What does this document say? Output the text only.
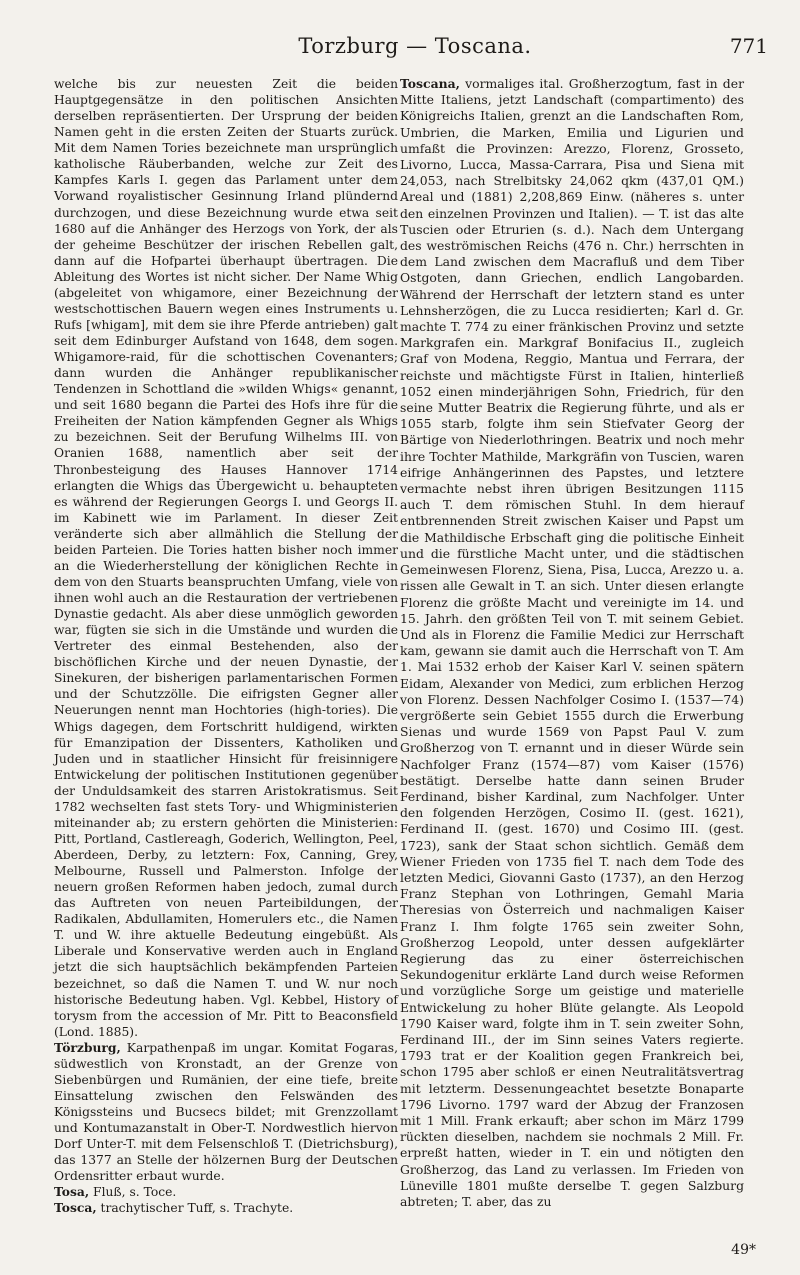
Torzburg — Toscana.	771

welche bis zur neuesten Zeit die beiden Hauptgegensätze in den politischen Ansichten derselben repräsentierten. Der Ursprung der beiden Namen geht in die ersten Zeiten der Stuarts zurück. Mit dem Namen Tories bezeichnete man ursprünglich katholische Räuberbanden, welche zur Zeit des Kampfes Karls I. gegen das Parlament unter dem Vorwand royalistischer Gesinnung Irland plündernd durchzogen, und diese Bezeichnung wurde etwa seit 1680 auf die Anhänger des Herzogs von York, der als der geheime Beschützer der irischen Rebellen galt, dann auf die Hofpartei überhaupt übertragen. Die Ableitung des Wortes ist nicht sicher. Der Name Whig (abgeleitet von whigamore, einer Bezeichnung der westschottischen Bauern wegen eines Instruments u. Rufs [whigam], mit dem sie ihre Pferde antrieben) galt seit dem Edinburger Aufstand von 1648, dem sogen. Whigamore-raid, für die schottischen Covenanters; dann wurden die Anhänger republikanischer Tendenzen in Schottland die »wilden Whigs« genannt, und seit 1680 begann die Partei des Hofs ihre für die Freiheiten der Nation kämpfenden Gegner als Whigs zu bezeichnen. Seit der Berufung Wilhelms III. von Oranien 1688, namentlich aber seit der Thronbesteigung des Hauses Hannover 1714 erlangten die Whigs das Übergewicht u. behaupteten es während der Regierungen Georgs I. und Georgs II. im Kabinett wie im Parlament. In dieser Zeit veränderte sich aber allmählich die Stellung der beiden Parteien. Die Tories hatten bisher noch immer an die Wiederherstellung der königlichen Rechte in dem von den Stuarts beanspruchten Umfang, viele von ihnen wohl auch an die Restauration der vertriebenen Dynastie gedacht. Als aber diese unmöglich geworden war, fügten sie sich in die Umstände und wurden die Vertreter des einmal Bestehenden, also der bischöflichen Kirche und der neuen Dynastie, der Sinekuren, der bisherigen parlamentarischen Formen und der Schutzzölle. Die eifrigsten Gegner aller Neuerungen nennt man Hochtories (high-tories). Die Whigs dagegen, dem Fortschritt huldigend, wirkten für Emanzipation der Dissenters, Katholiken und Juden und in staatlicher Hinsicht für freisinnigere Entwickelung der politischen Institutionen gegenüber der Unduldsamkeit des starren Aristokratismus. Seit 1782 wechselten fast stets Tory- und Whigministerien miteinander ab; zu erstern gehörten die Ministerien: Pitt, Portland, Castlereagh, Goderich, Wellington, Peel, Aberdeen, Derby, zu letztern: Fox, Canning, Grey, Melbourne, Russell und Palmerston. Infolge der neuern großen Reformen haben jedoch, zumal durch das Auftreten von neuen Parteibildungen, der Radikalen, Abdullamiten, Homerulers etc., die Namen T. und W. ihre aktuelle Bedeutung eingebüßt. Als Liberale und Konservative werden auch in England jetzt die sich hauptsächlich bekämpfenden Parteien bezeichnet, so daß die Namen T. und W. nur noch historische Bedeutung haben. Vgl. Kebbel, History of torysm from the accession of Mr. Pitt to Beaconsfield (Lond. 1885).

Törzburg, Karpathenpaß im ungar. Komitat Fogaras, südwestlich von Kronstadt, an der Grenze von Siebenbürgen und Rumänien, der eine tiefe, breite Einsattelung zwischen den Felswänden des Königssteins und Bucsecs bildet; mit Grenzzollamt und Kontumazanstalt in Ober-T. Nordwestlich hiervon Dorf Unter-T. mit dem Felsenschloß T. (Dietrichsburg), das 1377 an Stelle der hölzernen Burg der Deutschen Ordensritter erbaut wurde.

Tosa, Fluß, s. Toce.

Tosca, trachytischer Tuff, s. Trachyte.

Toscana, vormaliges ital. Großherzogtum, fast in der Mitte Italiens, jetzt Landschaft (compartimento) des Königreichs Italien, grenzt an die Landschaften Rom, Umbrien, die Marken, Emilia und Ligurien und umfaßt die Provinzen: Arezzo, Florenz, Grosseto, Livorno, Lucca, Massa-Carrara, Pisa und Siena mit 24,053, nach Strelbitsky 24,062 qkm (437,01 QM.) Areal und (1881) 2,208,869 Einw. (näheres s. unter den einzelnen Provinzen und Italien). — T. ist das alte Tuscien oder Etrurien (s. d.). Nach dem Untergang des weströmischen Reichs (476 n. Chr.) herrschten in dem Land zwischen dem Macrafluß und dem Tiber Ostgoten, dann Griechen, endlich Langobarden. Während der Herrschaft der letztern stand es unter Lehnsherzögen, die zu Lucca residierten; Karl d. Gr. machte T. 774 zu einer fränkischen Provinz und setzte Markgrafen ein. Markgraf Bonifacius II., zugleich Graf von Modena, Reggio, Mantua und Ferrara, der reichste und mächtigste Fürst in Italien, hinterließ 1052 einen minderjährigen Sohn, Friedrich, für den seine Mutter Beatrix die Regierung führte, und als er 1055 starb, folgte ihm sein Stiefvater Georg der Bärtige von Niederlothringen. Beatrix und noch mehr ihre Tochter Mathilde, Markgräfin von Tuscien, waren eifrige Anhängerinnen des Papstes, und letztere vermachte nebst ihren übrigen Besitzungen 1115 auch T. dem römischen Stuhl. In dem hierauf entbrennenden Streit zwischen Kaiser und Papst um die Mathildische Erbschaft ging die politische Einheit und die fürstliche Macht unter, und die städtischen Gemeinwesen Florenz, Siena, Pisa, Lucca, Arezzo u. a. rissen alle Gewalt in T. an sich. Unter diesen erlangte Florenz die größte Macht und vereinigte im 14. und 15. Jahrh. den größten Teil von T. mit seinem Gebiet. Und als in Florenz die Familie Medici zur Herrschaft kam, gewann sie damit auch die Herrschaft von T. Am 1. Mai 1532 erhob der Kaiser Karl V. seinen spätern Eidam, Alexander von Medici, zum erblichen Herzog von Florenz. Dessen Nachfolger Cosimo I. (1537—74) vergrößerte sein Gebiet 1555 durch die Erwerbung Sienas und wurde 1569 von Papst Paul V. zum Großherzog von T. ernannt und in dieser Würde sein Nachfolger Franz (1574—87) vom Kaiser (1576) bestätigt. Derselbe hatte dann seinen Bruder Ferdinand, bisher Kardinal, zum Nachfolger. Unter den folgenden Herzögen, Cosimo II. (gest. 1621), Ferdinand II. (gest. 1670) und Cosimo III. (gest. 1723), sank der Staat schon sichtlich. Gemäß dem Wiener Frieden von 1735 fiel T. nach dem Tode des letzten Medici, Giovanni Gasto (1737), an den Herzog Franz Stephan von Lothringen, Gemahl Maria Theresias von Österreich und nachmaligen Kaiser Franz I. Ihm folgte 1765 sein zweiter Sohn, Großherzog Leopold, unter dessen aufgeklärter Regierung das zu einer österreichischen Sekundogenitur erklärte Land durch weise Reformen und vorzügliche Sorge um geistige und materielle Entwickelung zu hoher Blüte gelangte. Als Leopold 1790 Kaiser ward, folgte ihm in T. sein zweiter Sohn, Ferdinand III., der im Sinn seines Vaters regierte. 1793 trat er der Koalition gegen Frankreich bei, schon 1795 aber schloß er einen Neutralitätsvertrag mit letzterm. Dessenungeachtet besetzte Bonaparte 1796 Livorno. 1797 ward der Abzug der Franzosen mit 1 Mill. Frank erkauft; aber schon im März 1799 rückten dieselben, nachdem sie nochmals 2 Mill. Fr. erpreßt hatten, wieder in T. ein und nötigten den Großherzog, das Land zu verlassen. Im Frieden von Lüneville 1801 mußte derselbe T. gegen Salzburg abtreten; T. aber, das zu

49*
